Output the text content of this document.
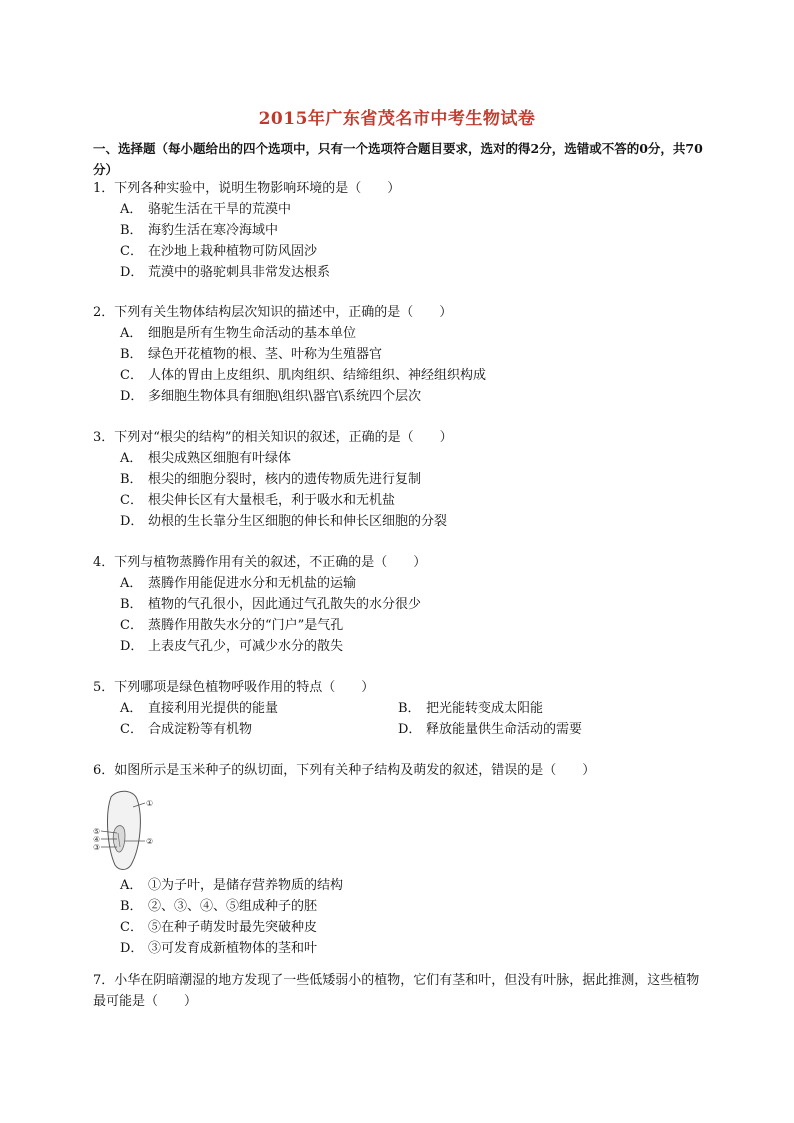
2015年广东省茂名市中考生物试卷
一、选择题（每小题给出的四个选项中，只有一个选项符合题目要求，选对的得2分，选错或不答的0分，共70分）
1．下列各种实验中，说明生物影响环境的是（　　）
A． 骆驼生活在干旱的荒漠中
B． 海豹生活在寒冷海域中
C． 在沙地上栽种植物可防风固沙
D． 荒漠中的骆驼刺具非常发达根系
2．下列有关生物体结构层次知识的描述中，正确的是（　　）
A． 细胞是所有生物生命活动的基本单位
B． 绿色开花植物的根、茎、叶称为生殖器官
C． 人体的胃由上皮组织、肌肉组织、结缔组织、神经组织构成
D． 多细胞生物体具有细胞\组织\器官\系统四个层次
3．下列对“根尖的结构”的相关知识的叙述，正确的是（　　）
A． 根尖成熟区细胞有叶绿体
B． 根尖的细胞分裂时，核内的遗传物质先进行复制
C． 根尖伸长区有大量根毛，利于吸水和无机盐
D． 幼根的生长靠分生区细胞的伸长和伸长区细胞的分裂
4．下列与植物蒸腾作用有关的叙述，不正确的是（　　）
A． 蒸腾作用能促进水分和无机盐的运输
B． 植物的气孔很小，因此通过气孔散失的水分很少
C． 蒸腾作用散失水分的“门户”是气孔
D． 上表皮气孔少，可减少水分的散失
5．下列哪项是绿色植物呼吸作用的特点（　　）
A． 直接利用光提供的能量	B． 把光能转变成太阳能
C． 合成淀粉等有机物	D． 释放能量供生命活动的需要
6．如图所示是玉米种子的纵切面，下列有关种子结构及萌发的叙述，错误的是（　　）
①
②
⑤
④
③
A． ①为子叶，是储存营养物质的结构
B． ②、③、④、⑤组成种子的胚
C． ⑤在种子萌发时最先突破种皮
D． ③可发育成新植物体的茎和叶
7．小华在阴暗潮湿的地方发现了一些低矮弱小的植物，它们有茎和叶，但没有叶脉，据此推测，这些植物最可能是（　　）
